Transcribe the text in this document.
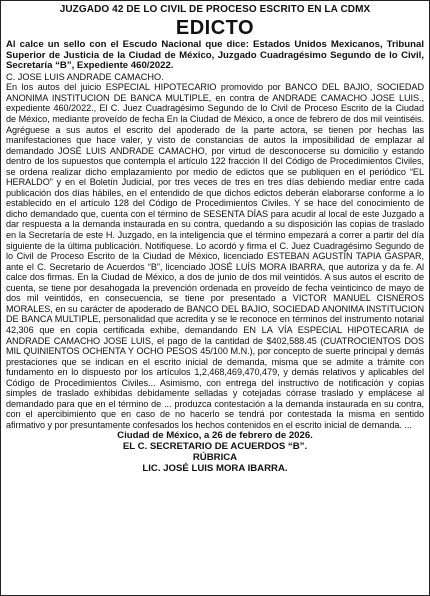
JUZGADO 42 DE LO CIVIL DE PROCESO ESCRITO EN LA CDMX
EDICTO
Al calce un sello con el Escudo Nacional que dice: Estados Unidos Mexicanos, Tribunal
Superior de Justicia de la Ciudad de México, Juzgado Cuadragésimo Segundo de lo Civil,
Secretaría “B”, Expediente 460/2022.
C. JOSE LUIS ANDRADE CAMACHO.

En los autos del juicio ESPECIAL HIPOTECARIO promovido por BANCO DEL BAJIO, SOCIEDAD ANONIMA INSTITUCION DE BANCA MULTIPLE, en contra de ANDRADE CAMACHO JOSE LUIS., expediente 460/2022., El C. Juez Cuadragésimo Segundo de lo Civil de Proceso Escrito de la Ciudad de México, mediante proveído de fecha En la Ciudad de México, a once de febrero de dos mil veintiséis. Agréguese a sus autos el escrito del apoderado de la parte actora, se tienen por hechas las manifestaciones que hace valer, y visto de constancias de autos la imposibilidad de emplazar al demandado JOSÉ LUIS ANDRADE CAMACHO, por virtud de desconocerse su domicilio y estando dentro de los supuestos que contempla el artículo 122 fracción II del Código de Procedimientos Civiles, se ordena realizar dicho emplazamiento por medio de edictos que se publiquen en el periódico “EL HERALDO” y en el Boletín Judicial, por tres veces de tres en tres días debiendo mediar entre cada publicación dos días hábiles, en el entendido de que dichos edictos deberán elaborarse conforme a lo establecido en el artículo 128 del Código de Procedimientos Civiles. Y se hace del conocimiento de dicho demandado que, cuenta con el término de SESENTA DÍAS para acudir al local de este Juzgado a dar respuesta a la demanda instaurada en su contra, quedando a su disposición las copias de traslado en la Secretaría de este H. Juzgado, en la inteligencia que el término empezará a correr a partir del día siguiente de la última publicación. Notifíquese. Lo acordó y firma el C. Juez Cuadragésimo Segundo de lo Civil de Proceso Escrito de la Ciudad de México, licenciado ESTEBAN AGUSTÍN TAPIA GASPAR, ante el C. Secretario de Acuerdos “B”, licenciado JOSÉ LUÍS MORA IBARRA, que autoriza y da fe. Al calce dos firmas. En la Ciudad de México, a dos de junio de dos mil veintidós. A sus autos el escrito de cuenta, se tiene por desahogada la prevención ordenada en proveído de fecha veinticinco de mayo de dos mil veintidós, en consecuencia, se tiene por presentado a VICTOR MANUEL CISNEROS MORALES, en su carácter de apoderado de BANCO DEL BAJIO, SOCIEDAD ANONIMA INSTITUCION DE BANCA MULTIPLE, personalidad que acredita y se le reconoce en términos del instrumento notarial 42,306 que en copia certificada exhibe, demandando EN LA VÍA ESPECIAL HIPOTECARIA de ANDRADE CAMACHO JOSE LUIS, el pago de la cantidad de $402,588.45 (CUATROCIENTOS DOS MIL QUINIENTOS OCHENTA Y OCHO PESOS 45/100 M.N.), por concepto de suerte principal y demás prestaciones que se indican en el escrito inicial de demanda, misma que se admite a trámite con fundamento en lo dispuesto por los artículos 1,2,468,469,470,479, y demás relativos y aplicables del Código de Procedimientos Civiles... Asimismo, con entrega del instructivo de notificación y copias simples de traslado exhibidas debidamente selladas y cotejadas córrase traslado y emplácese al demandado para que en el término de ... produzca contestación a la demanda instaurada en su contra, con el apercibimiento que en caso de no hacerlo se tendrá por contestada la misma en sentido afirmativo y por presuntamente confesados los hechos contenidos en el escrito inicial de demanda. ...

Ciudad de México, a 26 de febrero de 2026.
EL C. SECRETARIO DE ACUERDOS “B”.
RÚBRICA
LIC. JOSÉ LUIS MORA IBARRA.
